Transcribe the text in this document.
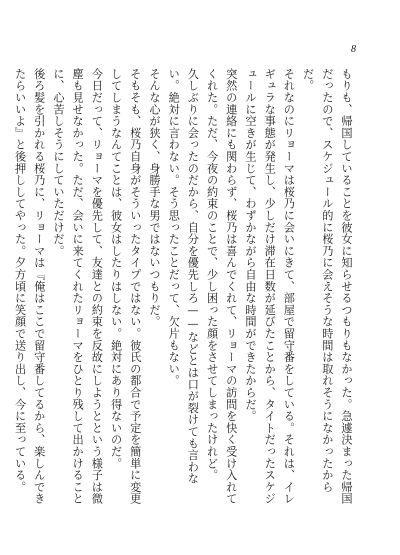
8

もりも、帰国していることを彼女に知らせるつもりもなかった。急遽決まった帰国だったので、スケジュール的に桜乃に会えそうな時間は取れそうになかったからだ。

それなのにリョーマは桜乃に会いにきて、部屋で留守番をしている。それは、イレギュラな事態が発生し、少しだけ滞在日数が延びたことから、タイトだったスケジュールに空きが生じて、わずかながら自由な時間ができたからだ。

突然の連絡にも関わらず、桜乃は喜んでくれて、リョーマの訪問を快く受け入れてくれた。ただ、今夜の約束のことで、少し困った顔をさせてしまったけれど。

久しぶりに会ったのだから、自分を優先しろ——などとは口が裂けても言わない。絶対に言わない。そう思ったことだって、欠片もない。

そんな心が狭く、身勝手な男ではないつもりだ。

そもそも、桜乃自身がそういったタイプではない。彼氏の都合で予定を簡単に変更してしまうなんてことは、彼女はしたりはしない。絶対にあり得ないのだ。

今日だって、リョーマを優先して、友達との約束を反故にしようとという様子は微塵も見せなかった。ただ、会いに来てくれたリョーマをひとり残して出かけることに、心苦しそうにしていただけだ。

後ろ髪を引かれる桜乃に、リョーマは『俺はここで留守番してるから、楽しんできたらいいよ』と後押ししてやった。夕方頃に笑顔で送り出し、今に至っている。
